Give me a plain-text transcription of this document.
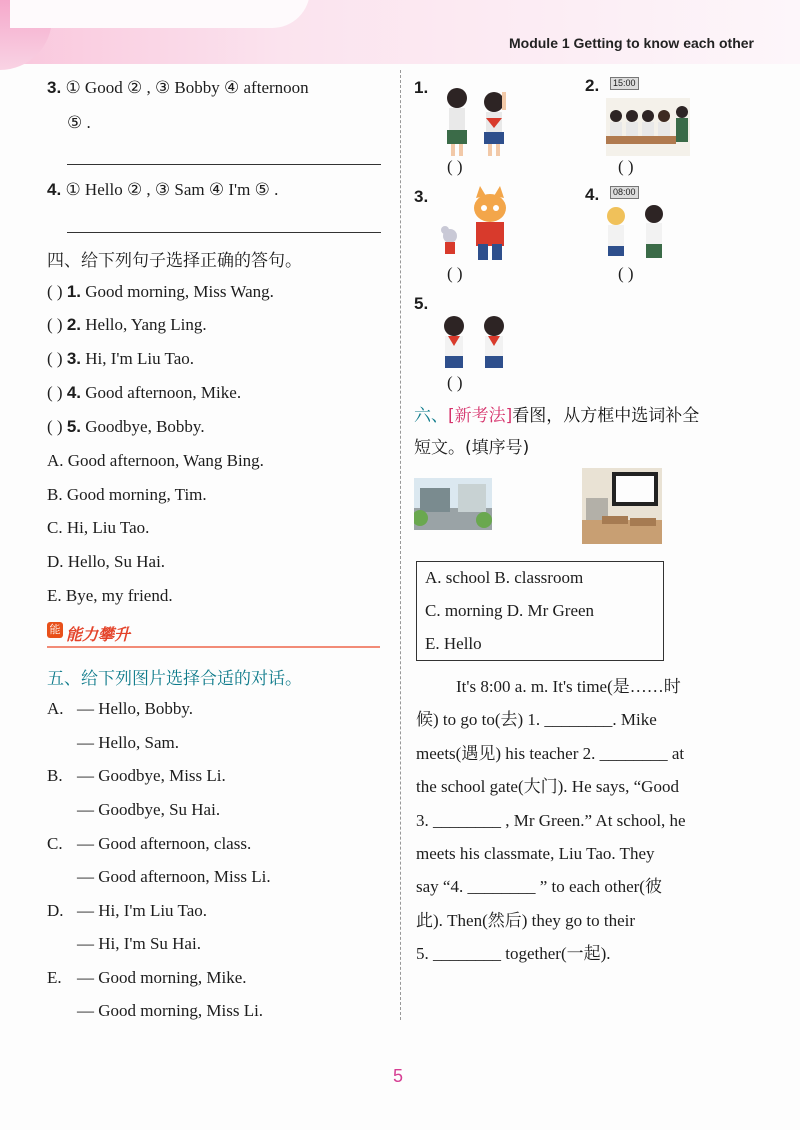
Module 1 Getting to know each other
3. ① Good ② , ③ Bobby ④ afternoon
⑤ .
4. ① Hello ② , ③ Sam ④ I'm ⑤ .
四、给下列句子选择正确的答句。
( ) 1. Good morning, Miss Wang.
( ) 2. Hello, Yang Ling.
( ) 3. Hi, I'm Liu Tao.
( ) 4. Good afternoon, Mike.
( ) 5. Goodbye, Bobby.
A. Good afternoon, Wang Bing.
B. Good morning, Tim.
C. Hi, Liu Tao.
D. Hello, Su Hai.
E. Bye, my friend.
能 能力攀升
五、给下列图片选择合适的对话。
A. — Hello, Bobby.
— Hello, Sam.
B. — Goodbye, Miss Li.
— Goodbye, Su Hai.
C. — Good afternoon, class.
— Good afternoon, Miss Li.
D. — Hi, I'm Liu Tao.
— Hi, I'm Su Hai.
E. — Good morning, Mike.
— Good morning, Miss Li.
1.
( )
2.	15:00
( )
3.
( )
4.	08:00
( )
5.
( )
六、[新考法]看图，从方框中选词补全
短文。(填序号)
A. school B. classroom
C. morning D. Mr Green
E. Hello
It's 8:00 a. m. It's time(是……时
候) to go to(去) 1. ________. Mike
meets(遇见) his teacher 2. ________ at
the school gate(大门). He says, “Good
3. ________ , Mr Green.” At school, he
meets his classmate, Liu Tao. They
say “4. ________ ” to each other(彼
此). Then(然后) they go to their
5. ________ together(一起).
5
